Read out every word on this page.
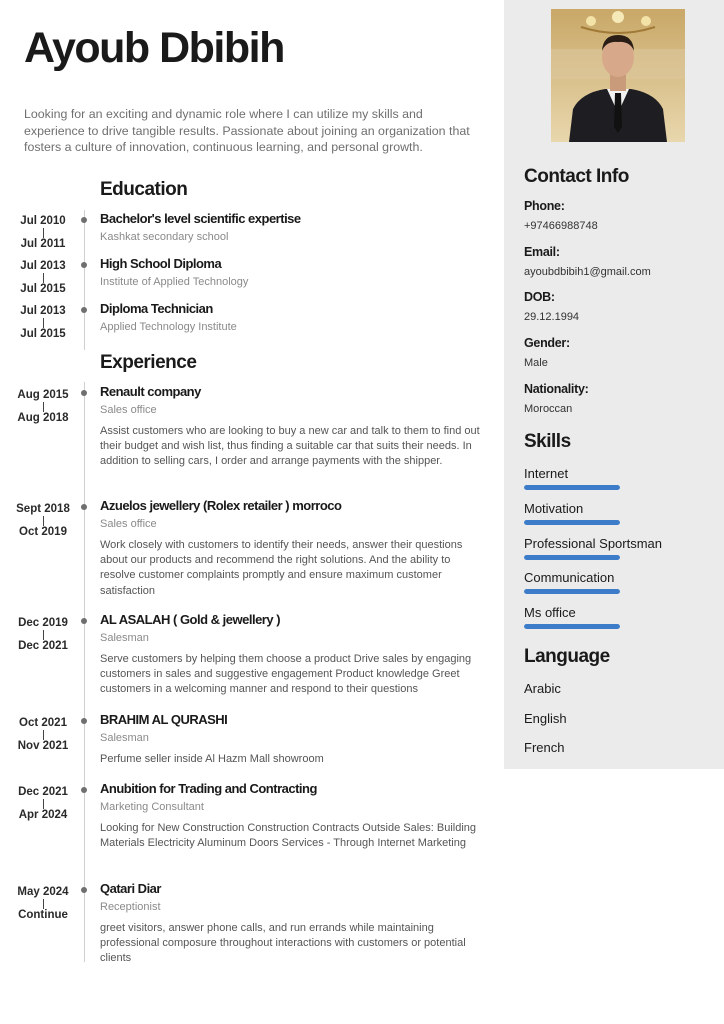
Ayoub Dbibih

Looking for an exciting and dynamic role where I can utilize my skills and experience to drive tangible results. Passionate about joining an organization that fosters a culture of innovation, continuous learning, and personal growth.

Education
Jul 2010
Jul 2011

Bachelor's level scientific expertise

Kashkat secondary school

Jul 2013
Jul 2015

High School Diploma

Institute of Applied Technology

Jul 2013
Jul 2015

Diploma Technician

Applied Technology Institute

Experience
Aug 2015
Aug 2018

Renault company

Sales office

Assist customers who are looking to buy a new car and talk to them to find out their budget and wish list, thus finding a suitable car that suits their needs. In addition to selling cars, I order and arrange payments with the shipper.

Sept 2018
Oct 2019

Azuelos jewellery (Rolex retailer ) morroco

Sales office

Work closely with customers to identify their needs, answer their questions about our products and recommend the right solutions. And the ability to resolve customer complaints promptly and ensure maximum customer satisfaction

Dec 2019
Dec 2021

AL ASALAH ( Gold & jewellery )

Salesman

Serve customers by helping them choose a product Drive sales by engaging customers in sales and suggestive engagement Product knowledge Greet customers in a welcoming manner and respond to their questions

Oct 2021
Nov 2021

BRAHIM AL QURASHI

Salesman

Perfume seller inside Al Hazm Mall showroom

Dec 2021
Apr 2024

Anubition for Trading and Contracting

Marketing Consultant

Looking for New Construction Construction Contracts Outside Sales: Building Materials Electricity Aluminum Doors Services - Through Internet Marketing

May 2024
Continue

Qatari Diar

Receptionist

greet visitors, answer phone calls, and run errands while maintaining professional composure throughout interactions with customers or potential clients

Contact Info

Phone:

+97466988748

Email:

ayoubdbibih1@gmail.com

DOB:

29.12.1994

Gender:

Male

Nationality:

Moroccan

Skills

Internet

Motivation

Professional Sportsman

Communication

Ms office

Language

Arabic

English

French
